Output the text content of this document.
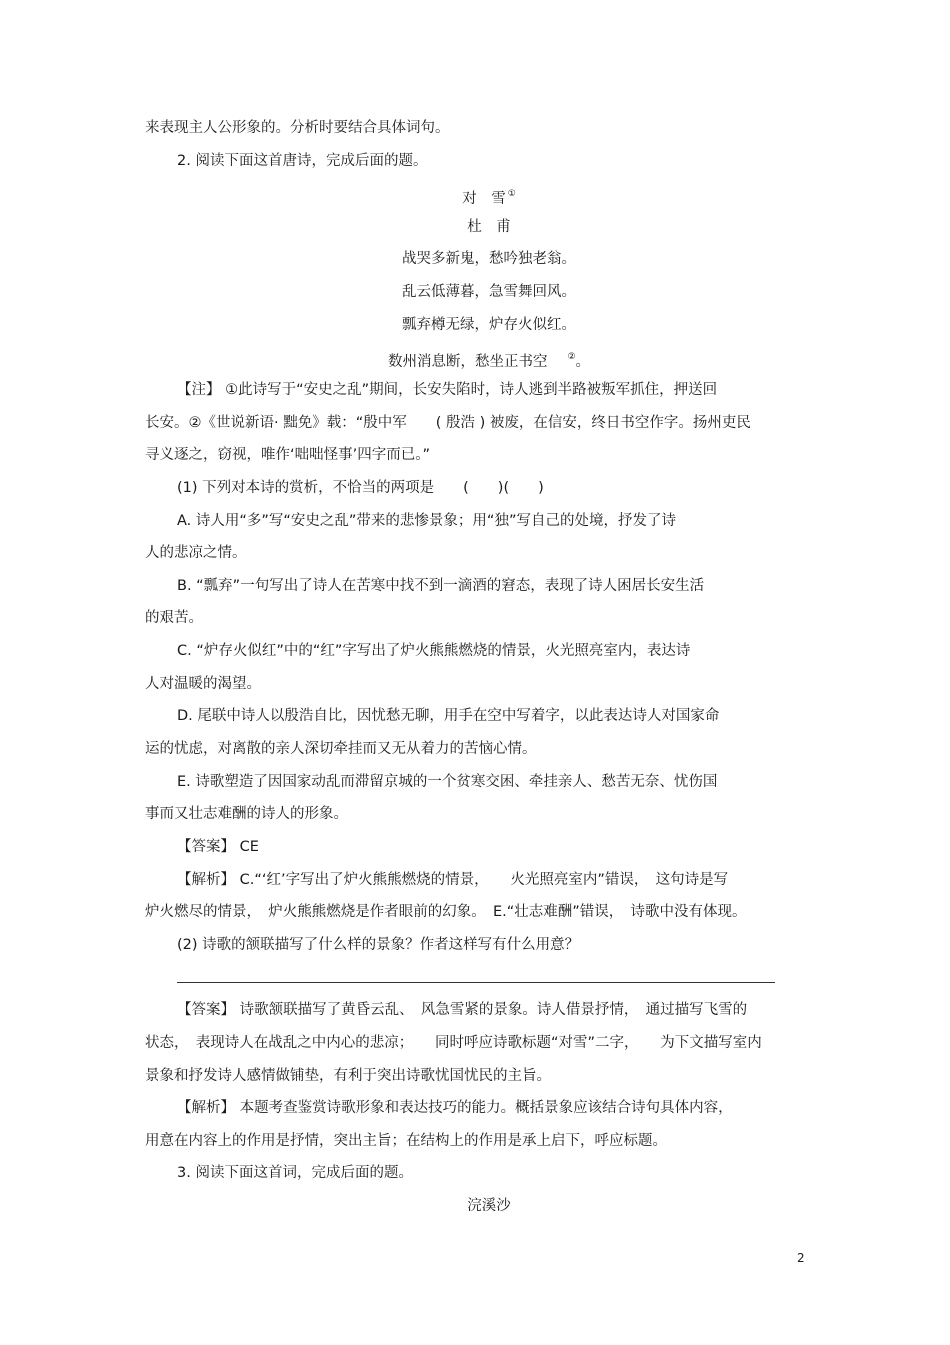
来表现主人公形象的。分析时要结合具体词句。
2. 阅读下面这首唐诗，完成后面的题。
对　雪 ①
杜　甫
战哭多新鬼，愁吟独老翁。
乱云低薄暮，急雪舞回风。
瓢弃樽无绿，炉存火似红。
数州消息断，愁坐正书空 ②。
【注】 ①此诗写于“安史之乱”期间，长安失陷时，诗人逃到半路被叛军抓住，押送回
长安。②《世说新语· 黜免》载：“殷中军　　( 殷浩 ) 被废，在信安，终日书空作字。扬州吏民
寻义逐之，窃视，唯作‘咄咄怪事’四字而已。”
(1) 下列对本诗的赏析，不恰当的两项是　　(　　)(　　)
A. 诗人用“多”写“安史之乱”带来的悲惨景象；用“独”写自己的处境，抒发了诗
人的悲凉之情。
B. “瓢弃”一句写出了诗人在苦寒中找不到一滴酒的窘态，表现了诗人困居长安生活
的艰苦。
C. “炉存火似红”中的“红”字写出了炉火熊熊燃烧的情景，火光照亮室内，表达诗
人对温暖的渴望。
D. 尾联中诗人以殷浩自比，因忧愁无聊，用手在空中写着字，以此表达诗人对国家命
运的忧虑，对离散的亲人深切牵挂而又无从着力的苦恼心情。
E. 诗歌塑造了因国家动乱而滞留京城的一个贫寒交困、牵挂亲人、愁苦无奈、忧伤国
事而又壮志难酬的诗人的形象。
【答案】 CE
【解析】 C.“‘红’字写出了炉火熊熊燃烧的情景，　　火光照亮室内”错误，　这句诗是写
炉火燃尽的情景，　炉火熊熊燃烧是作者眼前的幻象。　E.“壮志难酬”错误，　诗歌中没有体现。
(2) 诗歌的颔联描写了什么样的景象？作者这样写有什么用意？
【答案】 诗歌颔联描写了黄昏云乱、　风急雪紧的景象。诗人借景抒情，　通过描写飞雪的
状态，　表现诗人在战乱之中内心的悲凉；　　同时呼应诗歌标题“对雪”二字，　　为下文描写室内
景象和抒发诗人感情做铺垫，有利于突出诗歌忧国忧民的主旨。
【解析】 本题考查鉴赏诗歌形象和表达技巧的能力。概括景象应该结合诗句具体内容，
用意在内容上的作用是抒情，突出主旨；在结构上的作用是承上启下，呼应标题。
3. 阅读下面这首词，完成后面的题。
浣溪沙
2
